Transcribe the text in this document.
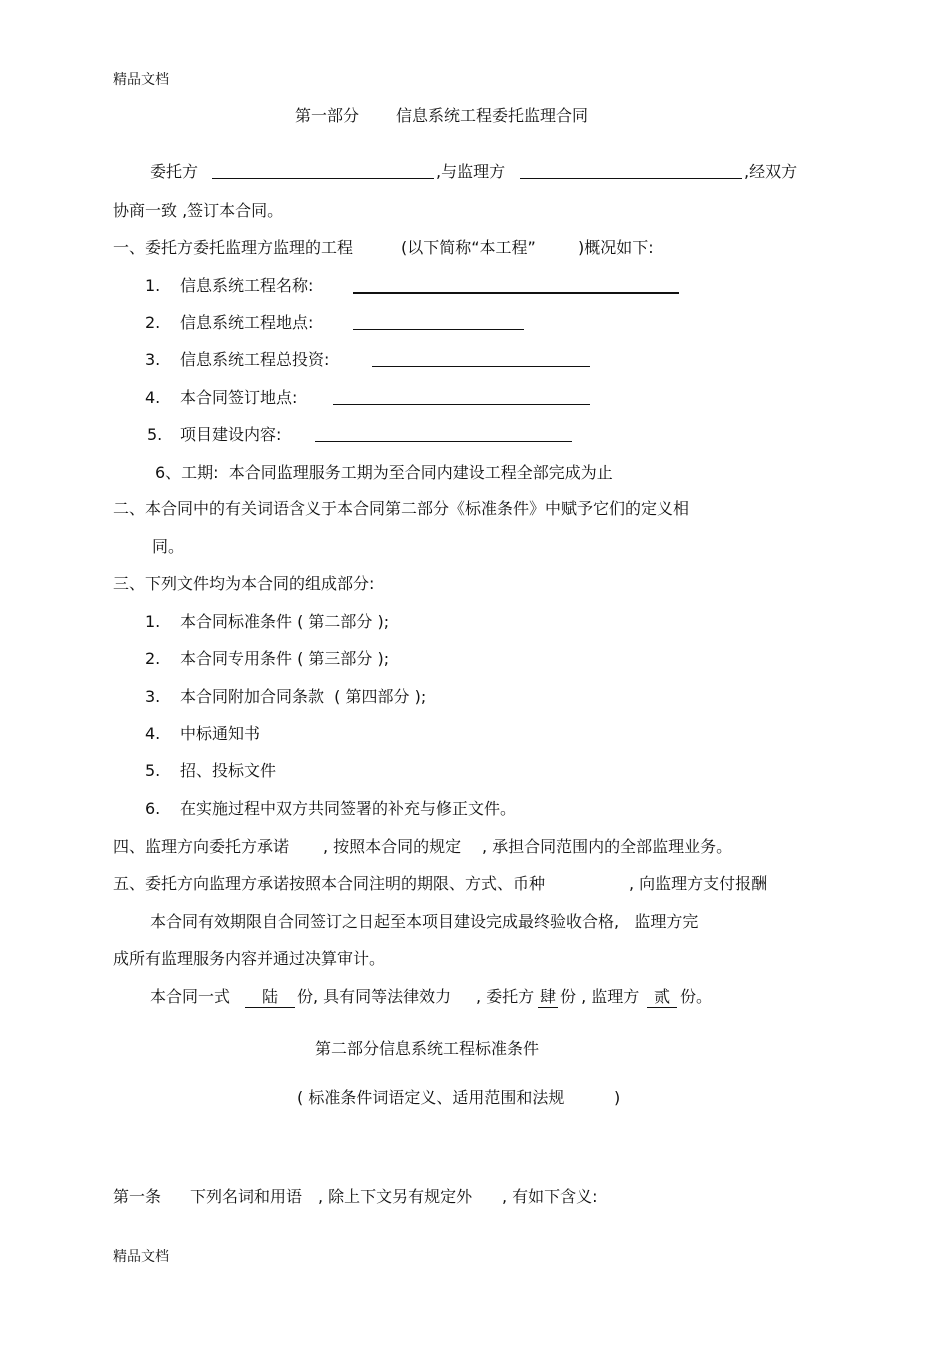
精品文档
第一部分 信息系统工程委托监理合同
委托方	,与监理方	,经双方
协商一致 ,签订本合同。
一、委托方委托监理方监理的工程	(以下简称“本工程”	)概况如下:
1. 信息系统工程名称:
2. 信息系统工程地点:
3. 信息系统工程总投资:
4. 本合同签订地点:
5. 项目建设内容:
6、工期:  本合同监理服务工期为至合同内建设工程全部完成为止
二、本合同中的有关词语含义于本合同第二部分《标准条件》中赋予它们的定义相
同。
三、下列文件均为本合同的组成部分:
1. 本合同标准条件 ( 第二部分 );
2. 本合同专用条件 ( 第三部分 );
3. 本合同附加合同条款  ( 第四部分 );
4. 中标通知书
5. 招、投标文件
6. 在实施过程中双方共同签署的补充与修正文件。
四、监理方向委托方承诺 , 按照本合同的规定 , 承担合同范围内的全部监理业务。
五、委托方向监理方承诺按照本合同注明的期限、方式、币种	, 向监理方支付报酬
本合同有效期限自合同签订之日起至本项目建设完成最终验收合格,   监理方完
成所有监理服务内容并通过决算审计。
本合同一式	陆	份, 具有同等法律效力 , 委托方 肆 份 , 监理方 贰 份。
第二部分信息系统工程标准条件
( 标准条件词语定义、适用范围和法规	)
第一条 下列名词和用语 , 除上下文另有规定外 , 有如下含义:
精品文档
